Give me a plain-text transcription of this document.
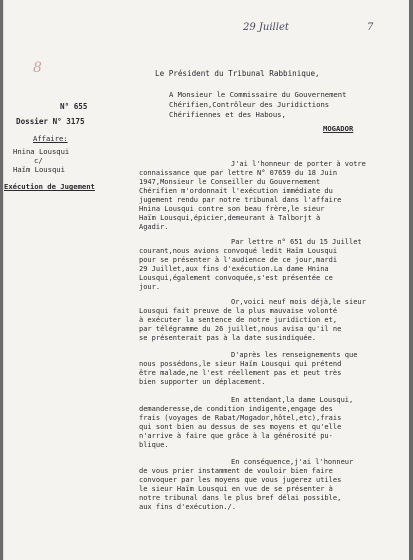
29 Juillet	7
8
N° 655
Dossier N° 3175
Affaire:
Hnina Lousqui
c/
Haïm Lousqui
Exécution de Jugement
Le Président du Tribunal Rabbinique,
A Monsieur le Commissaire du Gouvernement
Chérifien,Contrôleur des Juridictions
Chérifiennes et des Habous,
MOGADOR
J'ai l'honneur de porter à votre
connaissance que par lettre N° 07659 du 18 Juin
1947,Monsieur le Conseiller du Gouvernement
Chérifien m'ordonnait l'exécution immédiate du
jugement rendu par notre tribunal dans l'affaire
Hnina Lousqui contre son beau frère,le sieur
Haïm Lousqui,épicier,demeurant à Talborjt à
Agadir.
Par lettre n° 651 du 15 Juillet
courant,nous avions convoqué ledit Haïm Lousqui
pour se présenter à l'audience de ce jour,mardi
29 Juillet,aux fins d'exécution.La dame Hnina
Lousqui,également convoquée,s'est présentée ce
jour.
Or,voici neuf mois déjà,le sieur
Lousqui fait preuve de la plus mauvaise volonté
à exécuter la sentence de notre juridiction et,
par télégramme du 26 juillet,nous avisa qu'il ne
se présenterait pas à la date susindiquée.
D'après les renseignements que
nous possédons,le sieur Haïm Lousqui qui prétend
être malade,ne l'est réellement pas et peut très
bien supporter un déplacement.
En attendant,la dame Lousqui,
demanderesse,de condition indigente,engage des
frais (voyages de Rabat/Mogador,hôtel,etc),frais
qui sont bien au dessus de ses moyens et qu'elle
n'arrive à faire que grâce à la générosité pu-
blique.
En conséquence,j'ai l'honneur
de vous prier instamment de vouloir bien faire
convoquer par les moyens que vous jugerez utiles
le sieur Haïm Lousqui en vue de se présenter à
notre tribunal dans le plus bref délai possible,
aux fins d'exécution./.
